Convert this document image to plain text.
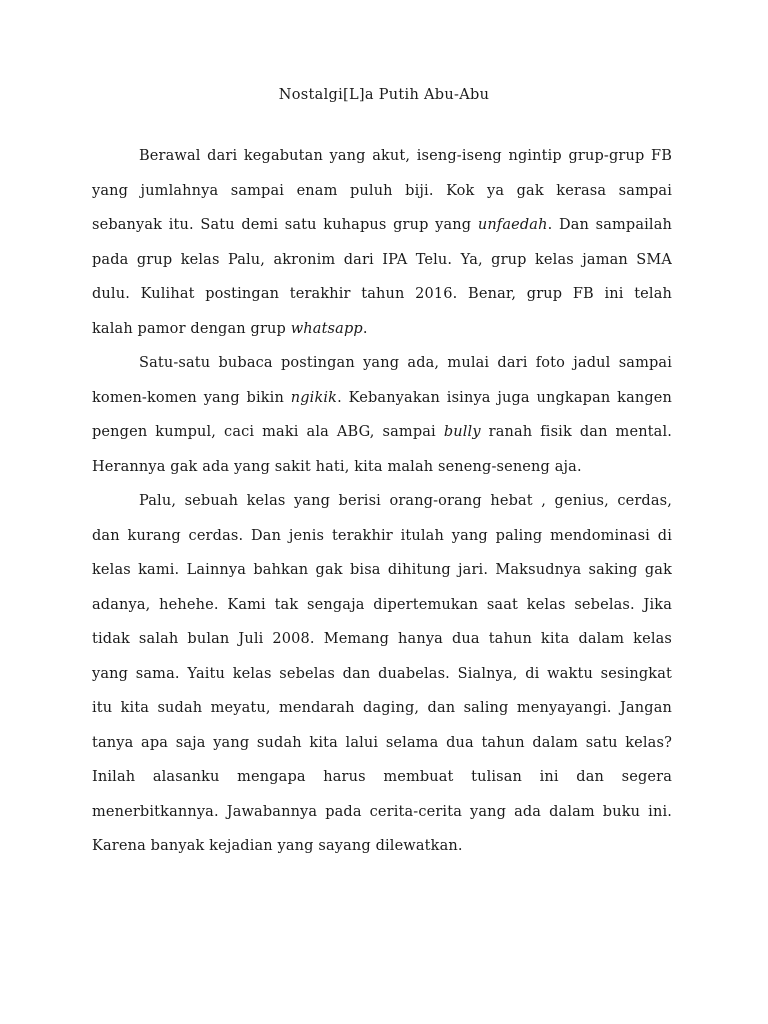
Nostalgi[L]a Putih Abu-Abu
Berawal dari kegabutan yang akut, iseng-iseng ngintip grup-grup FB
yang jumlahnya sampai enam puluh biji. Kok ya gak kerasa sampai
sebanyak itu. Satu demi satu kuhapus grup yang unfaedah. Dan sampailah
pada grup kelas Palu, akronim dari IPA Telu. Ya, grup kelas jaman SMA
dulu. Kulihat postingan terakhir tahun 2016. Benar, grup FB ini telah
kalah pamor dengan grup whatsapp.
Satu-satu bubaca postingan yang ada, mulai dari foto jadul sampai
komen-komen yang bikin ngikik. Kebanyakan isinya juga ungkapan kangen
pengen kumpul, caci maki ala ABG, sampai bully ranah fisik dan mental.
Herannya gak ada yang sakit hati, kita malah seneng-seneng aja.
Palu, sebuah kelas yang berisi orang-orang hebat , genius, cerdas,
dan kurang cerdas. Dan jenis terakhir itulah yang paling mendominasi di
kelas kami. Lainnya bahkan gak bisa dihitung jari. Maksudnya saking gak
adanya, hehehe. Kami tak sengaja dipertemukan saat kelas sebelas. Jika
tidak salah bulan Juli 2008. Memang hanya dua tahun kita dalam kelas
yang sama. Yaitu kelas sebelas dan duabelas. Sialnya, di waktu sesingkat
itu kita sudah meyatu, mendarah daging, dan saling menyayangi. Jangan
tanya apa saja yang sudah kita lalui selama dua tahun dalam satu kelas?
Inilah alasanku mengapa harus membuat tulisan ini dan segera
menerbitkannya. Jawabannya pada cerita-cerita yang ada dalam buku ini.
Karena banyak kejadian yang sayang dilewatkan.
